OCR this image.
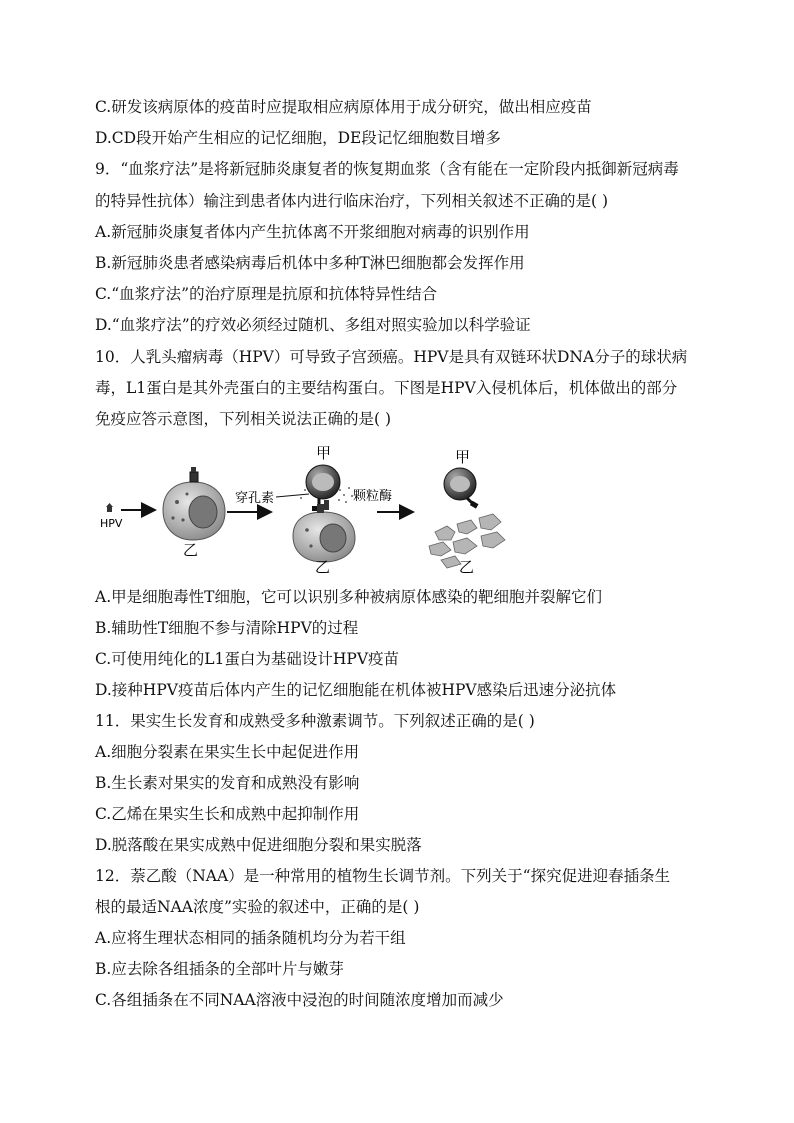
C.研发该病原体的疫苗时应提取相应病原体用于成分研究，做出相应疫苗
D.CD段开始产生相应的记忆细胞，DE段记忆细胞数目增多
9．“血浆疗法”是将新冠肺炎康复者的恢复期血浆（含有能在一定阶段内抵御新冠病毒
的特异性抗体）输注到患者体内进行临床治疗，下列相关叙述不正确的是( )
A.新冠肺炎康复者体内产生抗体离不开浆细胞对病毒的识别作用
B.新冠肺炎患者感染病毒后机体中多种T淋巴细胞都会发挥作用
C.“血浆疗法”的治疗原理是抗原和抗体特异性结合
D.“血浆疗法”的疗效必须经过随机、多组对照实验加以科学验证
10．人乳头瘤病毒（HPV）可导致子宫颈癌。HPV是具有双链环状DNA分子的球状病
毒，L1蛋白是其外壳蛋白的主要结构蛋白。下图是HPV入侵机体后，机体做出的部分
免疫应答示意图，下列相关说法正确的是( )
HPV
乙
甲
穿孔素	颗粒酶
乙
甲
乙
A.甲是细胞毒性T细胞，它可以识别多种被病原体感染的靶细胞并裂解它们
B.辅助性T细胞不参与清除HPV的过程
C.可使用纯化的L1蛋白为基础设计HPV疫苗
D.接种HPV疫苗后体内产生的记忆细胞能在机体被HPV感染后迅速分泌抗体
11．果实生长发育和成熟受多种激素调节。下列叙述正确的是( )
A.细胞分裂素在果实生长中起促进作用
B.生长素对果实的发育和成熟没有影响
C.乙烯在果实生长和成熟中起抑制作用
D.脱落酸在果实成熟中促进细胞分裂和果实脱落
12．萘乙酸（NAA）是一种常用的植物生长调节剂。下列关于“探究促进迎春插条生
根的最适NAA浓度”实验的叙述中，正确的是( )
A.应将生理状态相同的插条随机均分为若干组
B.应去除各组插条的全部叶片与嫩芽
C.各组插条在不同NAA溶液中浸泡的时间随浓度增加而减少
